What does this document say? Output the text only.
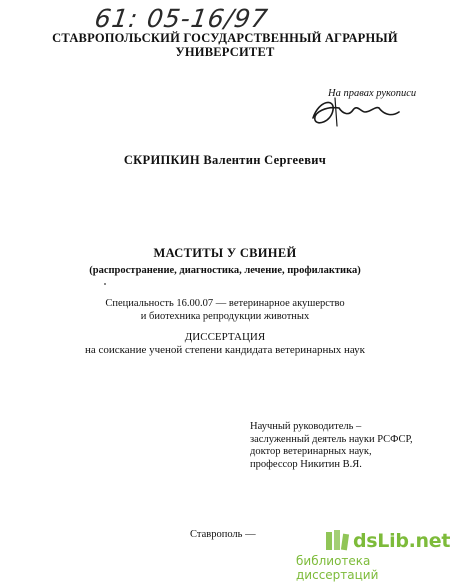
61: 05-16/97
СТАВРОПОЛЬСКИЙ ГОСУДАРСТВЕННЫЙ АГРАРНЫЙ
УНИВЕРСИТЕТ
На правах рукописи
СКРИПКИН Валентин Сергеевич
МАСТИТЫ У СВИНЕЙ
(распространение, диагностика, лечение, профилактика)
Специальность 16.00.07 — ветеринарное акушерство
и биотехника репродукции животных
ДИССЕРТАЦИЯ
на соискание ученой степени кандидата ветеринарных наук
Научный руководитель –
заслуженный деятель науки РСФСР,
доктор ветеринарных наук,
профессор Никитин В.Я.
Ставрополь —	dsLib.net
библиотека диссертаций
